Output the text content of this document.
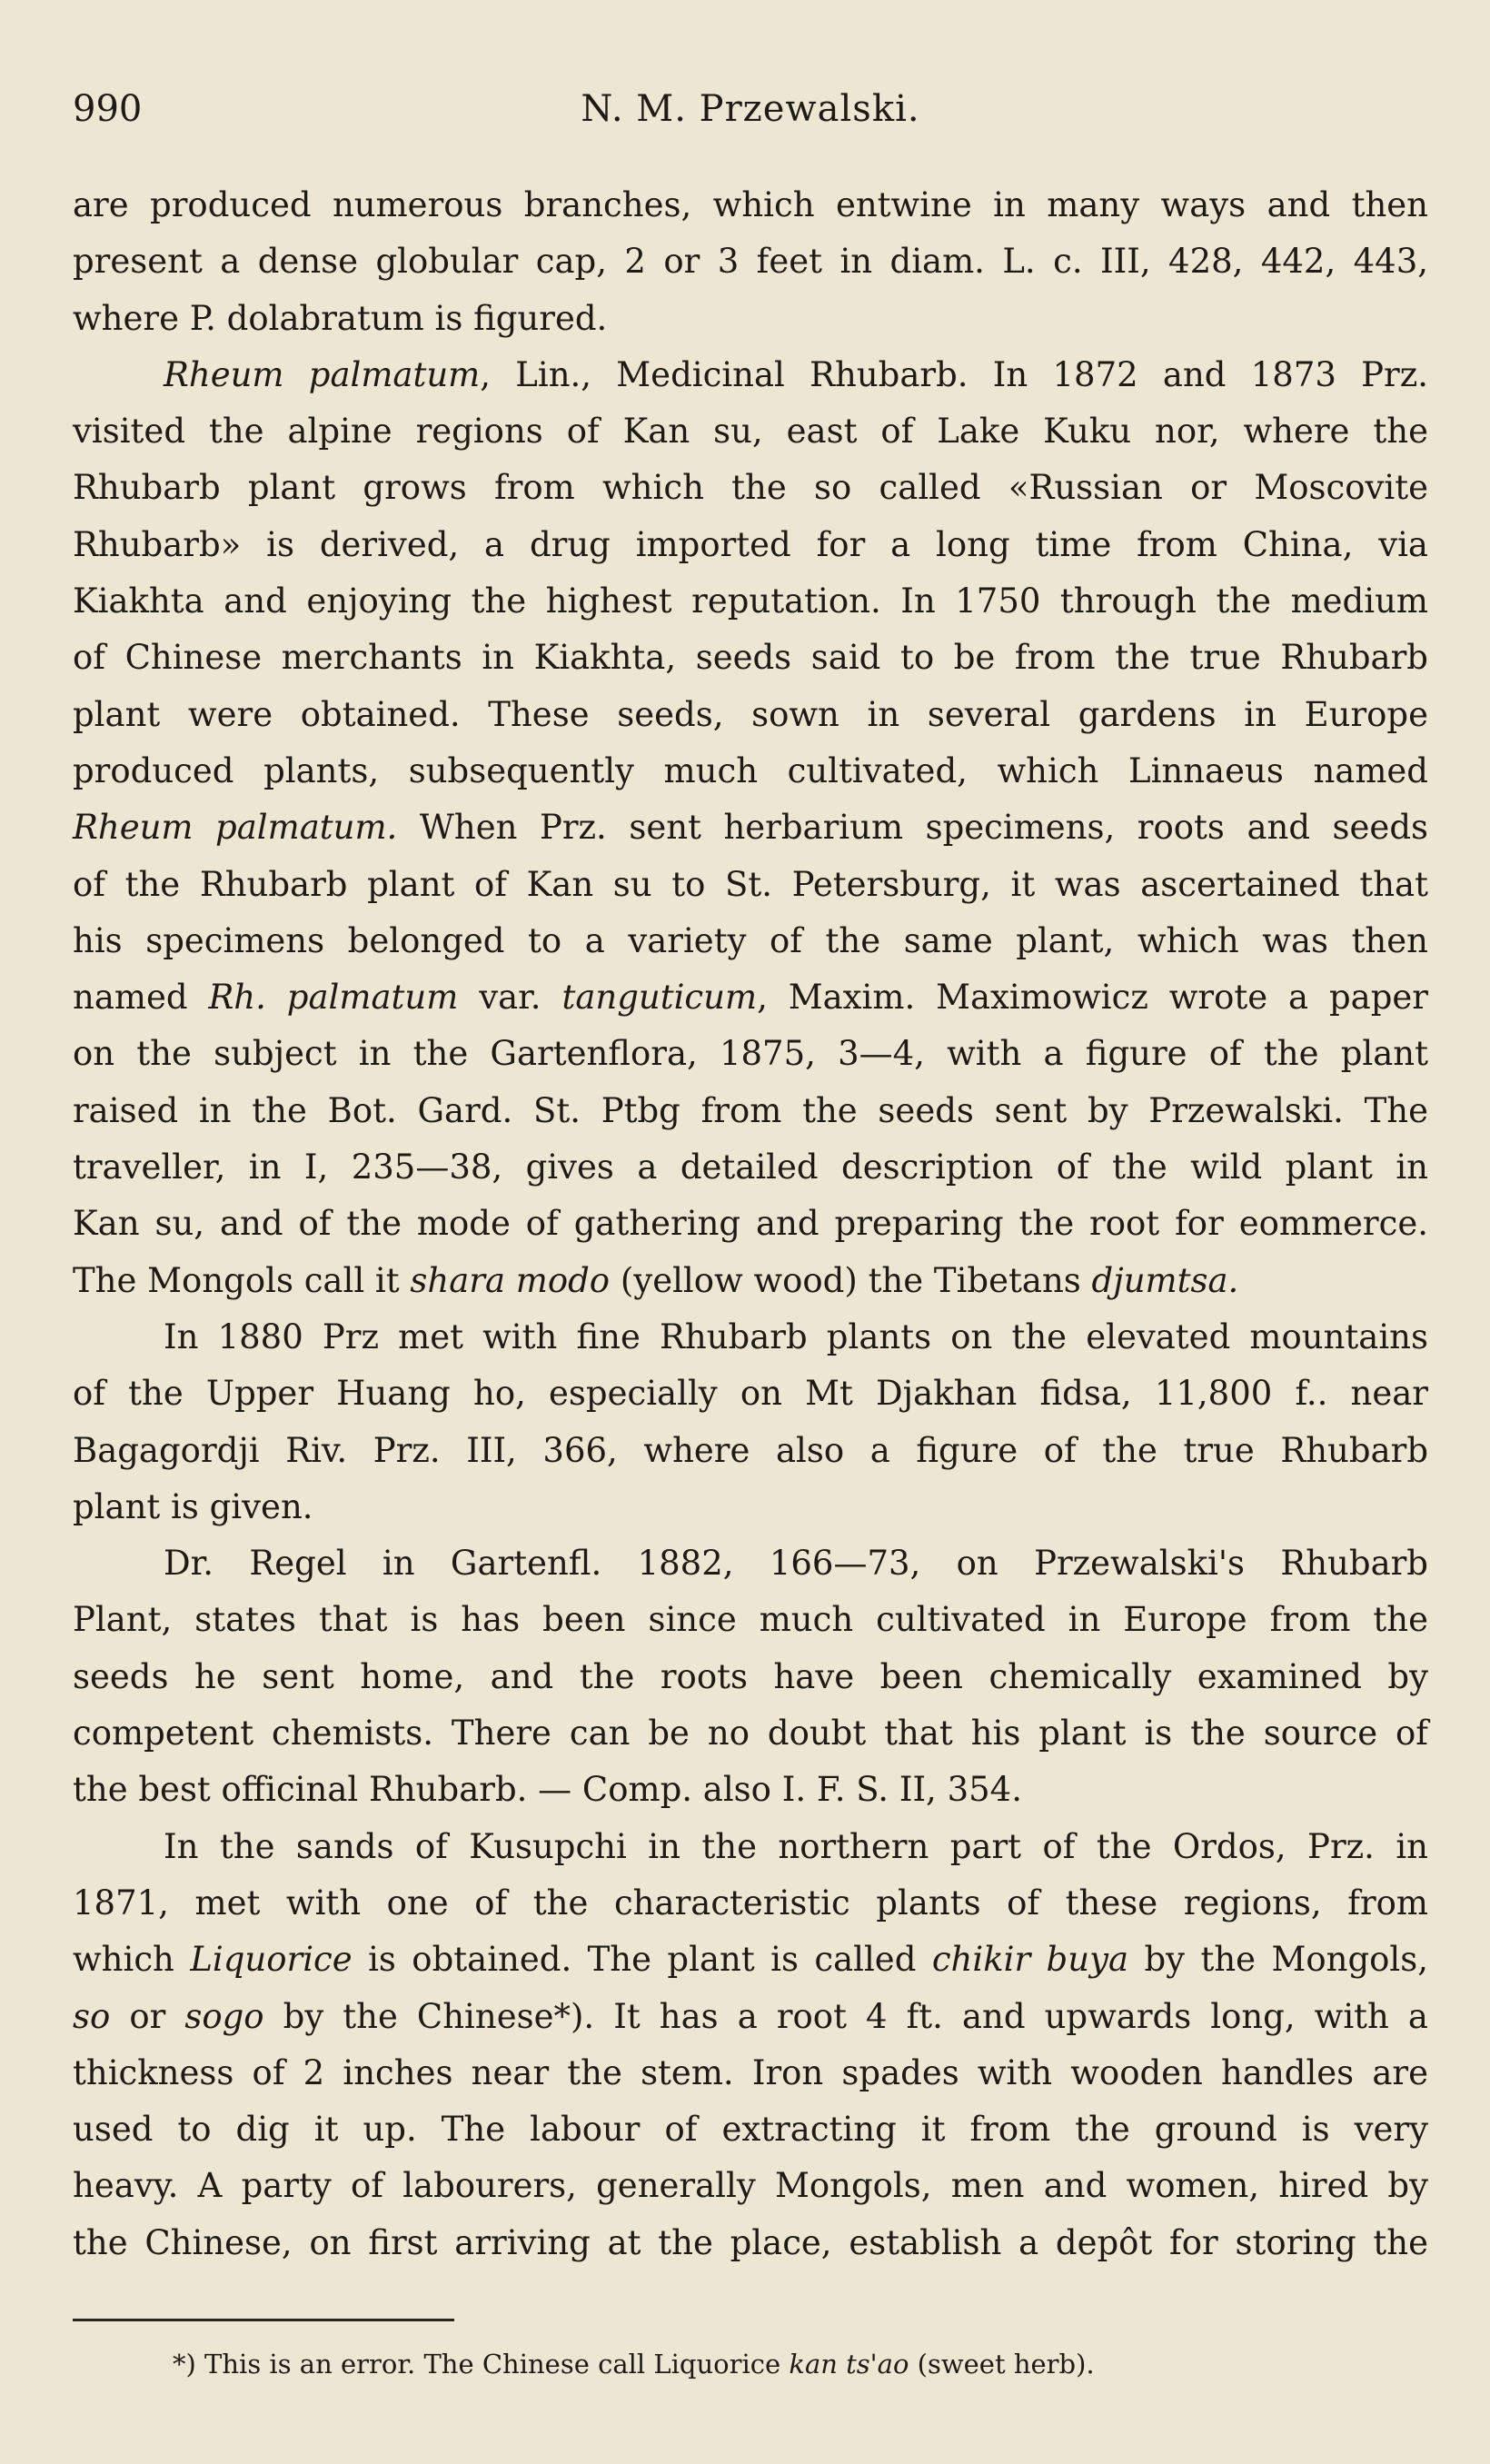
990	N. M. Przewalski.
are produced numerous branches, which entwine in many ways and then
present a dense globular cap, 2 or 3 feet in diam. L. c. III, 428, 442, 443,
where P. dolabratum is figured.
Rheum palmatum, Lin., Medicinal Rhubarb. In 1872 and 1873 Prz.
visited the alpine regions of Kan su, east of Lake Kuku nor, where the
Rhubarb plant grows from which the so called «Russian or Moscovite
Rhubarb» is derived, a drug imported for a long time from China, via
Kiakhta and enjoying the highest reputation. In 1750 through the medium
of Chinese merchants in Kiakhta, seeds said to be from the true Rhubarb
plant were obtained. These seeds, sown in several gardens in Europe
produced plants, subsequently much cultivated, which Linnaeus named
Rheum palmatum. When Prz. sent herbarium specimens, roots and seeds
of the Rhubarb plant of Kan su to St. Petersburg, it was ascertained that
his specimens belonged to a variety of the same plant, which was then
named Rh. palmatum var. tanguticum, Maxim. Maximowicz wrote a paper
on the subject in the Gartenflora, 1875, 3—4, with a figure of the plant
raised in the Bot. Gard. St. Ptbg from the seeds sent by Przewalski. The
traveller, in I, 235—38, gives a detailed description of the wild plant in
Kan su, and of the mode of gathering and preparing the root for eommerce.
The Mongols call it shara modo (yellow wood) the Tibetans djumtsa.
In 1880 Prz met with fine Rhubarb plants on the elevated mountains
of the Upper Huang ho, especially on Mt Djakhan fidsa, 11,800 f.. near
Bagagordji Riv. Prz. III, 366, where also a figure of the true Rhubarb
plant is given.
Dr. Regel in Gartenfl. 1882, 166—73, on Przewalski's Rhubarb
Plant, states that is has been since much cultivated in Europe from the
seeds he sent home, and the roots have been chemically examined by
competent chemists. There can be no doubt that his plant is the source of
the best officinal Rhubarb. — Comp. also I. F. S. II, 354.
In the sands of Kusupchi in the northern part of the Ordos, Prz. in
1871, met with one of the characteristic plants of these regions, from
which Liquorice is obtained. The plant is called chikir buya by the Mongols,
so or sogo by the Chinese*). It has a root 4 ft. and upwards long, with a
thickness of 2 inches near the stem. Iron spades with wooden handles are
used to dig it up. The labour of extracting it from the ground is very
heavy. A party of labourers, generally Mongols, men and women, hired by
the Chinese, on first arriving at the place, establish a depôt for storing the
*) This is an error. The Chinese call Liquorice kan ts'ao (sweet herb).
